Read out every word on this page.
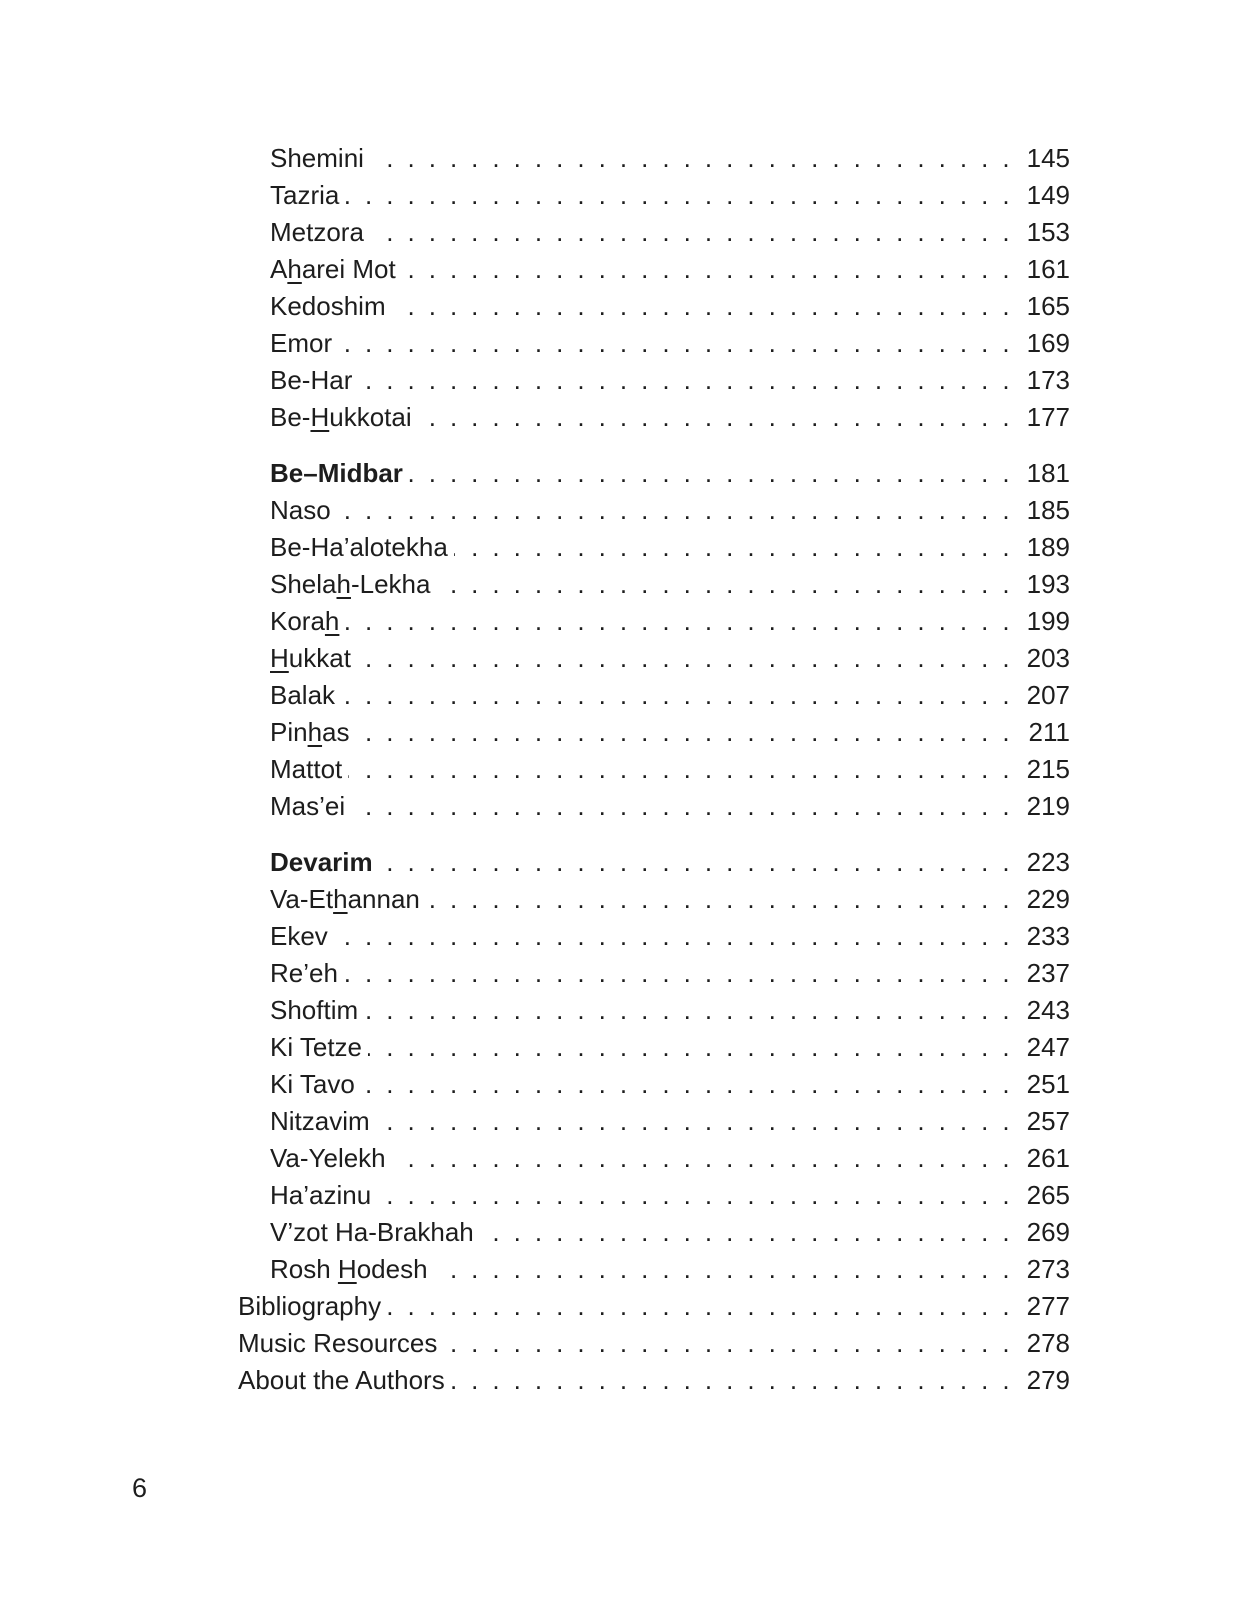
Shemini . . .	145
Tazria . . .	149
Metzora . . .	153
Aharei Mot . . .	161
Kedoshim . . .	165
Emor . . .	169
Be-Har . . .	173
Be-Hukkotai . . .	177
Be–Midbar . . .	181
Naso . . .	185
Be-Ha’alotekha . . .	189
Shelah-Lekha . . .	193
Korah . . .	199
Hukkat . . .	203
Balak . . .	207
Pinhas . . .	211
Mattot . . .	215
Mas’ei . . .	219
Devarim . . .	223
Va-Ethannan . . .	229
Ekev . . .	233
Re’eh . . .	237
Shoftim . . .	243
Ki Tetze . . .	247
Ki Tavo . . .	251
Nitzavim . . .	257
Va-Yelekh . . .	261
Ha’azinu . . .	265
V’zot Ha-Brakhah . . .	269
Rosh Hodesh . . .	273
Bibliography . . .	277
Music Resources . . .	278
About the Authors . . .	279
6
